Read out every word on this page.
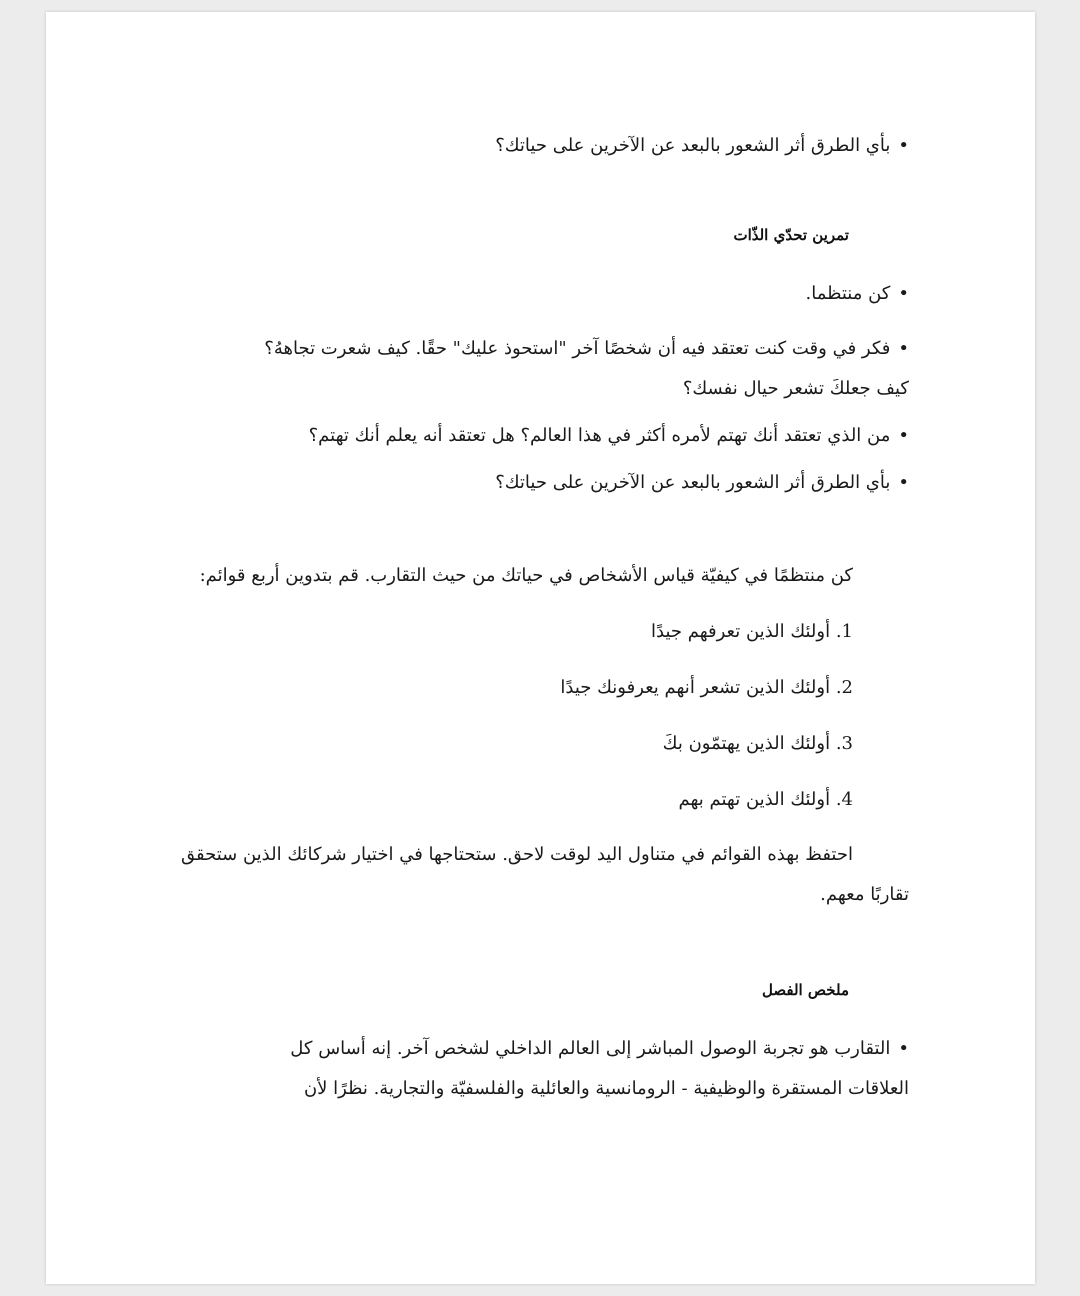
•بأي الطرق أثر الشعور بالبعد عن الآخرين على حياتك؟

تمرين تحدّي الذّات

•كن منتظما.

•فكر في وقت كنت تعتقد فيه أن شخصًا آخر "استحوذ عليك" حقًا. كيف شعرت تجاههُ؟

كيف جعلكَ تشعر حيال نفسك؟

•من الذي تعتقد أنك تهتم لأمره أكثر في هذا العالم؟ هل تعتقد أنه يعلم أنك تهتم؟

•بأي الطرق أثر الشعور بالبعد عن الآخرين على حياتك؟

كن منتظمًا في كيفيّة قياس الأشخاص في حياتك من حيث التقارب. قم بتدوين أربع قوائم:

1. أولئك الذين تعرفهم جيدًا

2. أولئك الذين تشعر أنهم يعرفونك جيدًا

3. أولئك الذين يهتمّون بكَ

4. أولئك الذين تهتم بهم

احتفظ بهذه القوائم في متناول اليد لوقت لاحق. ستحتاجها في اختيار شركائك الذين ستحقق

تقاربًا معهم.

ملخص الفصل

•التقارب هو تجربة الوصول المباشر إلى العالم الداخلي لشخص آخر. إنه أساس كل

العلاقات المستقرة والوظيفية - الرومانسية والعائلية والفلسفيّة والتجارية. نظرًا لأن
